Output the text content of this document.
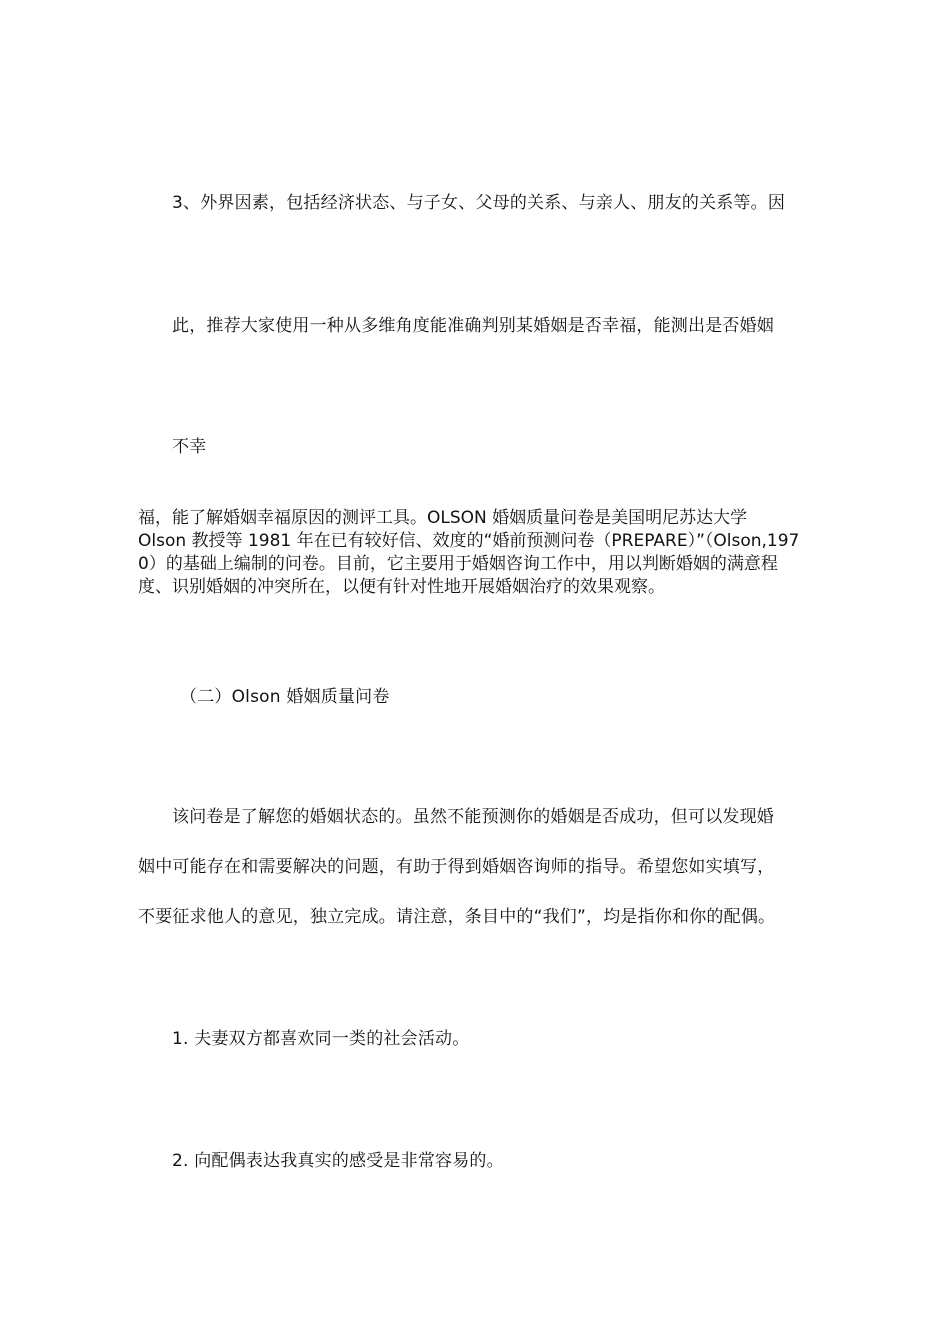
3、外界因素，包括经济状态、与子女、父母的关系、与亲人、朋友的关系等。因
此，推荐大家使用一种从多维角度能准确判别某婚姻是否幸福，能测出是否婚姻
不幸
福，能了解婚姻幸福原因的测评工具。OLSON 婚姻质量问卷是美国明尼苏达大学
Olson 教授等 1981 年在已有较好信、效度的“婚前预测问卷（PREPARE）”（Olson,197
0）的基础上编制的问卷。目前，它主要用于婚姻咨询工作中，用以判断婚姻的满意程
度、识别婚姻的冲突所在，以便有针对性地开展婚姻治疗的效果观察。
（二）Olson 婚姻质量问卷
该问卷是了解您的婚姻状态的。虽然不能预测你的婚姻是否成功，但可以发现婚
姻中可能存在和需要解决的问题，有助于得到婚姻咨询师的指导。希望您如实填写，
不要征求他人的意见，独立完成。请注意，条目中的“我们”，均是指你和你的配偶。
1. 夫妻双方都喜欢同一类的社会活动。
2. 向配偶表达我真实的感受是非常容易的。
